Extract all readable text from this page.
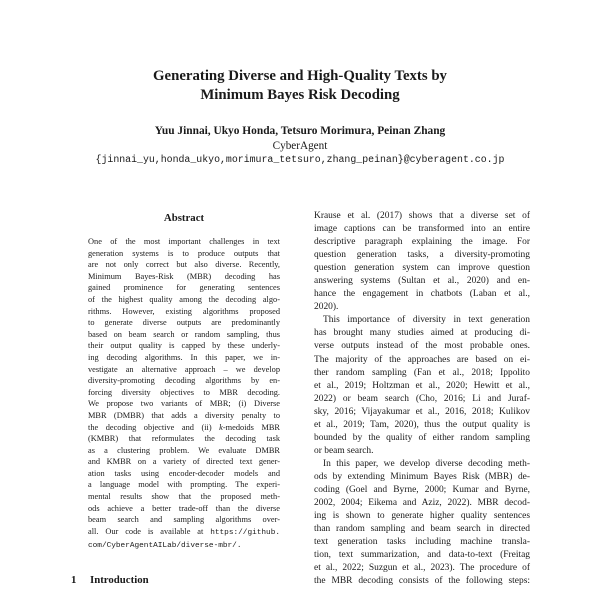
Generating Diverse and High-Quality Texts by
Minimum Bayes Risk Decoding
Yuu Jinnai, Ukyo Honda, Tetsuro Morimura, Peinan Zhang
CyberAgent
{jinnai_yu,honda_ukyo,morimura_tetsuro,zhang_peinan}@cyberagent.co.jp
Abstract
One of the most important challenges in text
generation systems is to produce outputs that
are not only correct but also diverse. Recently,
Minimum Bayes-Risk (MBR) decoding has
gained prominence for generating sentences
of the highest quality among the decoding algo-
rithms. However, existing algorithms proposed
to generate diverse outputs are predominantly
based on beam search or random sampling, thus
their output quality is capped by these underly-
ing decoding algorithms. In this paper, we in-
vestigate an alternative approach – we develop
diversity-promoting decoding algorithms by en-
forcing diversity objectives to MBR decoding.
We propose two variants of MBR; (i) Diverse
MBR (DMBR) that adds a diversity penalty to
the decoding objective and (ii) k-medoids MBR
(KMBR) that reformulates the decoding task
as a clustering problem. We evaluate DMBR
and KMBR on a variety of directed text gener-
ation tasks using encoder-decoder models and
a language model with prompting. The experi-
mental results show that the proposed meth-
ods achieve a better trade-off than the diverse
beam search and sampling algorithms over-
all. Our code is available at https://github.
com/CyberAgentAILab/diverse-mbr/.
1 Introduction
Krause et al. (2017) shows that a diverse set of
image captions can be transformed into an entire
descriptive paragraph explaining the image. For
question generation tasks, a diversity-promoting
question generation system can improve question
answering systems (Sultan et al., 2020) and en-
hance the engagement in chatbots (Laban et al.,
2020).
This importance of diversity in text generation
has brought many studies aimed at producing di-
verse outputs instead of the most probable ones.
The majority of the approaches are based on ei-
ther random sampling (Fan et al., 2018; Ippolito
et al., 2019; Holtzman et al., 2020; Hewitt et al.,
2022) or beam search (Cho, 2016; Li and Juraf-
sky, 2016; Vijayakumar et al., 2016, 2018; Kulikov
et al., 2019; Tam, 2020), thus the output quality is
bounded by the quality of either random sampling
or beam search.
In this paper, we develop diverse decoding meth-
ods by extending Minimum Bayes Risk (MBR) de-
coding (Goel and Byrne, 2000; Kumar and Byrne,
2002, 2004; Eikema and Aziz, 2022). MBR decod-
ing is shown to generate higher quality sentences
than random sampling and beam search in directed
text generation tasks including machine transla-
tion, text summarization, and data-to-text (Freitag
et al., 2022; Suzgun et al., 2023). The procedure of
the MBR decoding consists of the following steps:
